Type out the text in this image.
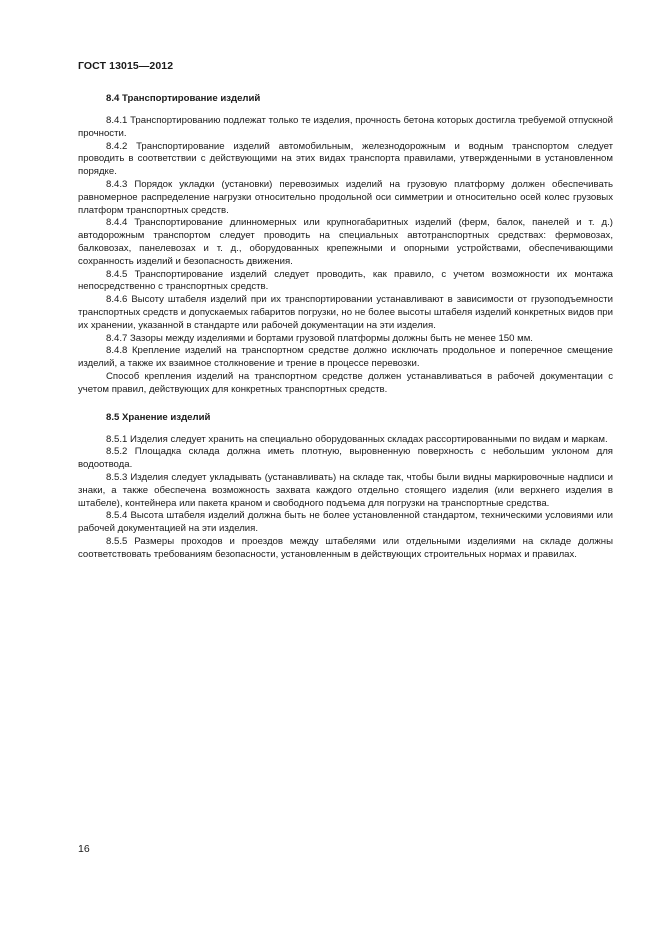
ГОСТ 13015—2012
8.4 Транспортирование изделий

8.4.1 Транспортированию подлежат только те изделия, прочность бетона которых достигла требуемой отпускной прочности.

8.4.2 Транспортирование изделий автомобильным, железнодорожным и водным транспортом следует проводить в соответствии с действующими на этих видах транспорта правилами, утвержденными в установленном порядке.

8.4.3 Порядок укладки (установки) перевозимых изделий на грузовую платформу должен обеспечивать равномерное распределение нагрузки относительно продольной оси симметрии и относительно осей колес грузовых платформ транспортных средств.

8.4.4 Транспортирование длинномерных или крупногабаритных изделий (ферм, балок, панелей и т. д.) автодорожным транспортом следует проводить на специальных автотранспортных средствах: фермовозах, балковозах, панелевозах и т. д., оборудованных крепежными и опорными устройствами, обеспечивающими сохранность изделий и безопасность движения.

8.4.5 Транспортирование изделий следует проводить, как правило, с учетом возможности их монтажа непосредственно с транспортных средств.

8.4.6 Высоту штабеля изделий при их транспортировании устанавливают в зависимости от грузоподъемности транспортных средств и допускаемых габаритов погрузки, но не более высоты штабеля изделий конкретных видов при их хранении, указанной в стандарте или рабочей документации на эти изделия.

8.4.7 Зазоры между изделиями и бортами грузовой платформы должны быть не менее 150 мм.

8.4.8 Крепление изделий на транспортном средстве должно исключать продольное и поперечное смещение изделий, а также их взаимное столкновение и трение в процессе перевозки.

Способ крепления изделий на транспортном средстве должен устанавливаться в рабочей документации с учетом правил, действующих для конкретных транспортных средств.

8.5 Хранение изделий

8.5.1 Изделия следует хранить на специально оборудованных складах рассортированными по видам и маркам.

8.5.2 Площадка склада должна иметь плотную, выровненную поверхность с небольшим уклоном для водоотвода.

8.5.3 Изделия следует укладывать (устанавливать) на складе так, чтобы были видны маркировочные надписи и знаки, а также обеспечена возможность захвата каждого отдельно стоящего изделия (или верхнего изделия в штабеле), контейнера или пакета краном и свободного подъема для погрузки на транспортные средства.

8.5.4 Высота штабеля изделий должна быть не более установленной стандартом, техническими условиями или рабочей документацией на эти изделия.

8.5.5 Размеры проходов и проездов между штабелями или отдельными изделиями на складе должны соответствовать требованиям безопасности, установленным в действующих строительных нормах и правилах.

16
